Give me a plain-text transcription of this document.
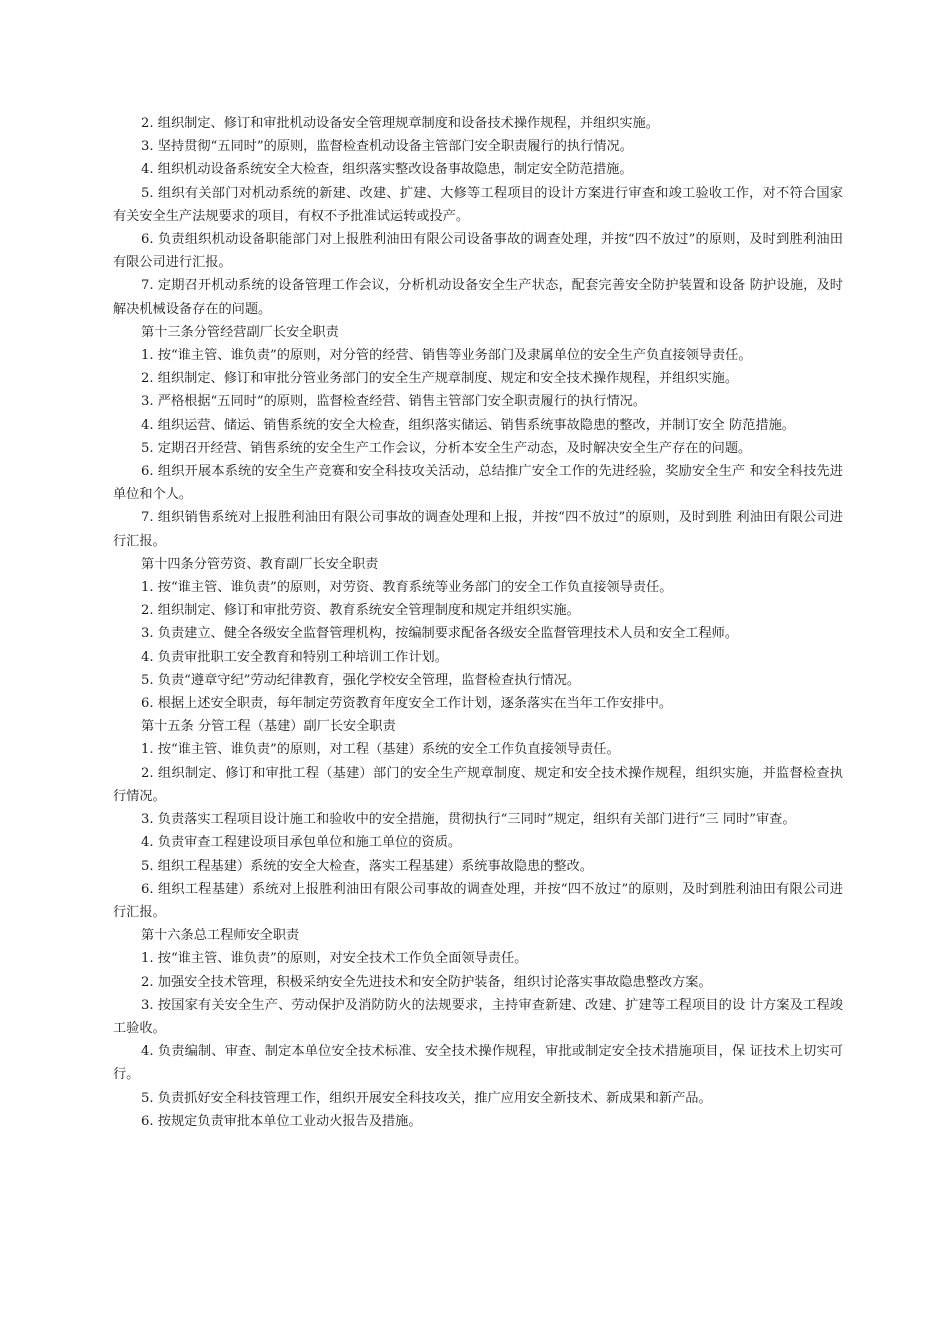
2. 组织制定、修订和审批机动设备安全管理规章制度和设备技术操作规程，并组织实施。

3. 坚持贯彻“五同时”的原则，监督检查机动设备主管部门安全职责履行的执行情况。

4. 组织机动设备系统安全大检查，组织落实整改设备事故隐患，制定安全防范措施。

5. 组织有关部门对机动系统的新建、改建、扩建、大修等工程项目的设计方案进行审查和竣工验收工作，对不符合国家有关安全生产法规要求的项目，有权不予批准试运转或投产。

6. 负责组织机动设备职能部门对上报胜利油田有限公司设备事故的调查处理，并按“四不放过”的原则，及时到胜利油田有限公司进行汇报。

7. 定期召开机动系统的设备管理工作会议，分析机动设备安全生产状态，配套完善安全防护装置和设备 防护设施，及时解决机械设备存在的问题。

第十三条分管经营副厂长安全职责

1. 按“谁主管、谁负责”的原则，对分管的经营、销售等业务部门及隶属单位的安全生产负直接领导责任。

2. 组织制定、修订和审批分管业务部门的安全生产规章制度、规定和安全技术操作规程，并组织实施。

3. 严格根据“五同时”的原则，监督检查经营、销售主管部门安全职责履行的执行情况。

4. 组织运营、储运、销售系统的安全大检查，组织落实储运、销售系统事故隐患的整改，并制订安全 防范措施。

5. 定期召开经营、销售系统的安全生产工作会议，分析本安全生产动态，及时解决安全生产存在的问题。

6. 组织开展本系统的安全生产竞赛和安全科技攻关活动，总结推广安全工作的先进经验，奖励安全生产 和安全科技先进单位和个人。

7. 组织销售系统对上报胜利油田有限公司事故的调查处理和上报，并按“四不放过”的原则，及时到胜 利油田有限公司进行汇报。

第十四条分管劳资、教育副厂长安全职责

1. 按“谁主管、谁负责”的原则，对劳资、教育系统等业务部门的安全工作负直接领导责任。

2. 组织制定、修订和审批劳资、教育系统安全管理制度和规定并组织实施。

3. 负责建立、健全各级安全监督管理机构，按编制要求配备各级安全监督管理技术人员和安全工程师。

4. 负责审批职工安全教育和特别工种培训工作计划。

5. 负责“遵章守纪”劳动纪律教育，强化学校安全管理，监督检查执行情况。

6. 根据上述安全职责，每年制定劳资教育年度安全工作计划，逐条落实在当年工作安排中。

第十五条 分管工程（基建）副厂长安全职责

1. 按“谁主管、谁负责”的原则，对工程（基建）系统的安全工作负直接领导责任。

2. 组织制定、修订和审批工程（基建）部门的安全生产规章制度、规定和安全技术操作规程，组织实施，并监督检查执行情况。

3. 负责落实工程项目设计施工和验收中的安全措施，贯彻执行“三同时”规定，组织有关部门进行“三 同时”审查。

4. 负责审查工程建设项目承包单位和施工单位的资质。

5. 组织工程基建）系统的安全大检查，落实工程基建）系统事故隐患的整改。

6. 组织工程基建）系统对上报胜利油田有限公司事故的调查处理，并按“四不放过”的原则，及时到胜利油田有限公司进行汇报。

第十六条总工程师安全职责

1. 按“谁主管、谁负责”的原则，对安全技术工作负全面领导责任。

2. 加强安全技术管理，积极采纳安全先进技术和安全防护装备，组织讨论落实事故隐患整改方案。

3. 按国家有关安全生产、劳动保护及消防防火的法规要求，主持审查新建、改建、扩建等工程项目的设 计方案及工程竣工验收。

4. 负责编制、审查、制定本单位安全技术标准、安全技术操作规程，审批或制定安全技术措施项目，保 证技术上切实可行。

5. 负责抓好安全科技管理工作，组织开展安全科技攻关，推广应用安全新技术、新成果和新产品。

6. 按规定负责审批本单位工业动火报告及措施。
